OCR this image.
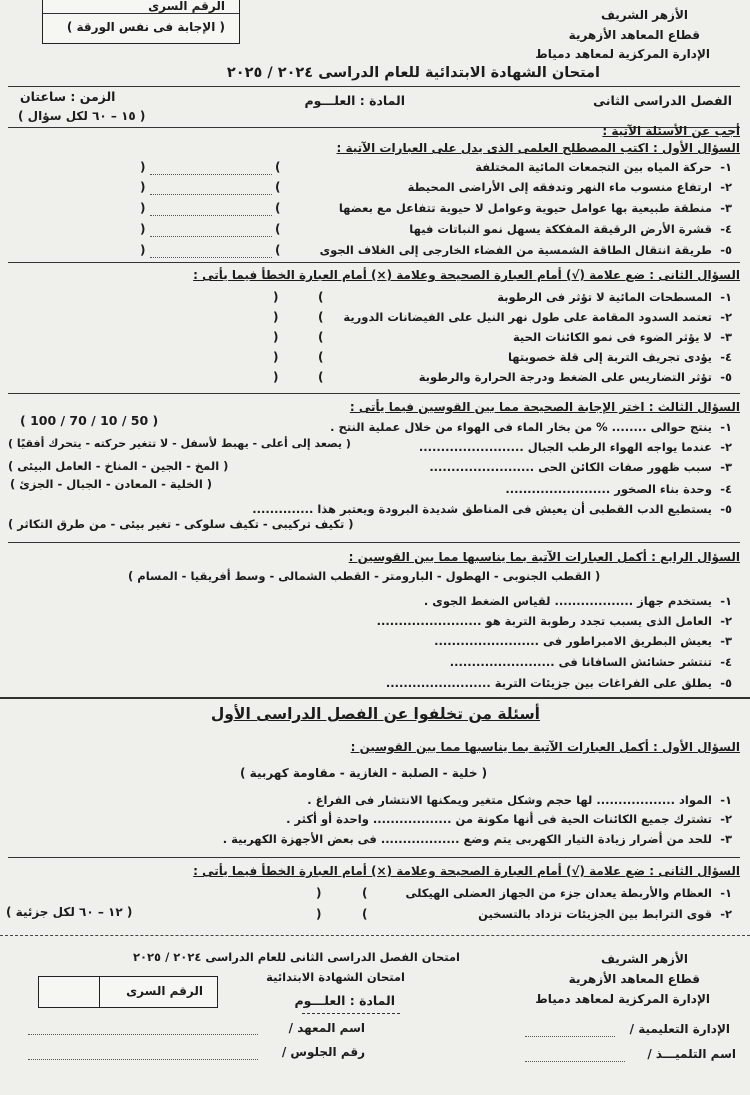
الرقم السرى
( الإجابة فى نفس الورقة )
الأزهر الشريف
قطاع المعاهد الأزهرية
الإدارة المركزية لمعاهد دمياط
امتحان الشهادة الابتدائية للعام الدراسى ٢٠٢٤ / ٢٠٢٥
الفصل الدراسى الثانى
المادة : العلـــوم
الزمن : ساعتان
( ١٥ – ٦٠ لكل سؤال )
أجب عن الأسئلة الآتية :
السؤال الأول : اكتب المصطلح العلمى الذى يدل على العبارات الآتية :
١-حركة المياه بين التجمعات المائية المختلفة
٢-ارتفاع منسوب ماء النهر وتدفقه إلى الأراضى المحيطة
٣-منطقة طبيعية بها عوامل حيوية وعوامل لا حيوية تتفاعل مع بعضها
٤-قشرة الأرض الرقيقة المفككة يسهل نمو النباتات فيها
٥-طريقة انتقال الطاقة الشمسية من الفضاء الخارجى إلى الغلاف الجوى
)
(
)
(
)
(
)
(
)
(
السؤال الثانى : ضع علامة (√) أمام العبارة الصحيحة وعلامة (×) أمام العبارة الخطأ فيما يأتى :
١-المسطحات المائية لا تؤثر فى الرطوبة
٢-تعتمد السدود المقامة على طول نهر النيل على الفيضانات الدورية
٣-لا يؤثر الضوء فى نمو الكائنات الحية
٤-يؤدى تجريف التربة إلى قلة خصوبتها
٥-تؤثر التضاريس على الضغط ودرجة الحرارة والرطوبة
)
(
)
(
)
(
)
(
)
(
السؤال الثالث : اختر الإجابة الصحيحة مما بين القوسين فيما يأتى :
١-ينتج حوالى ........ % من بخار الماء فى الهواء من خلال عملية النتح .
( 100 / 70 / 10 / 50 )
٢-عندما يواجه الهواء الرطب الجبال ........................
( يصعد إلى أعلى - يهبط لأسفل - لا تتغير حركته - يتحرك أفقيًا )
٣-سبب ظهور صفات الكائن الحى ........................
( المخ - الجين - المناخ - العامل البيئى )
٤-وحدة بناء الصخور ........................
( الخلية - المعادن - الجبال - الجزئ )
٥-يستطيع الدب القطبى أن يعيش فى المناطق شديدة البرودة ويعتبر هذا ..............
( تكيف تركيبى - تكيف سلوكى - تغير بيئى - من طرق التكاثر )
السؤال الرابع : أكمل العبارات الآتية بما يناسبها مما بين القوسين :
( القطب الجنوبى - الهطول - البارومتر - القطب الشمالى - وسط أفريقيا - المسام )
١-يستخدم جهاز .................. لقياس الضغط الجوى .
٢-العامل الذى يسبب تجدد رطوبة التربة هو ........................
٣-يعيش البطريق الامبراطور فى ........................
٤-تنتشر حشائش السافانا فى ........................
٥-يطلق على الفراغات بين جزيئات التربة ........................
أسئلة من تخلفوا عن الفصل الدراسى الأول
السؤال الأول : أكمل العبارات الآتية بما يناسبها مما بين القوسين :
( خلية - الصلبة - الغازية - مقاومة كهربية )
١-المواد .................. لها حجم وشكل متغير ويمكنها الانتشار فى الفراغ .
٢-تشترك جميع الكائنات الحية فى أنها مكونة من .................. واحدة أو أكثر .
٣-للحد من أضرار زيادة التيار الكهربى يتم وضع .................. فى بعض الأجهزة الكهربية .
السؤال الثانى : ضع علامة (√) أمام العبارة الصحيحة وعلامة (×) أمام العبارة الخطأ فيما يأتى :
١-العظام والأربطة يعدان جزء من الجهاز العضلى الهيكلى
٢-قوى الترابط بين الجزيئات تزداد بالتسخين
)
(
)
(
( ١٢ – ٦٠ لكل جزئية )
الأزهر الشريف
قطاع المعاهد الأزهرية
الإدارة المركزية لمعاهد دمياط
امتحان الفصل الدراسى الثانى للعام الدراسى ٢٠٢٤ / ٢٠٢٥
امتحان الشهادة الابتدائية
المادة : العلـــوم
الرقم السرى
الإدارة التعليمية /
اسم المعهد /
اسم التلميـــذ /
رقم الجلوس /
